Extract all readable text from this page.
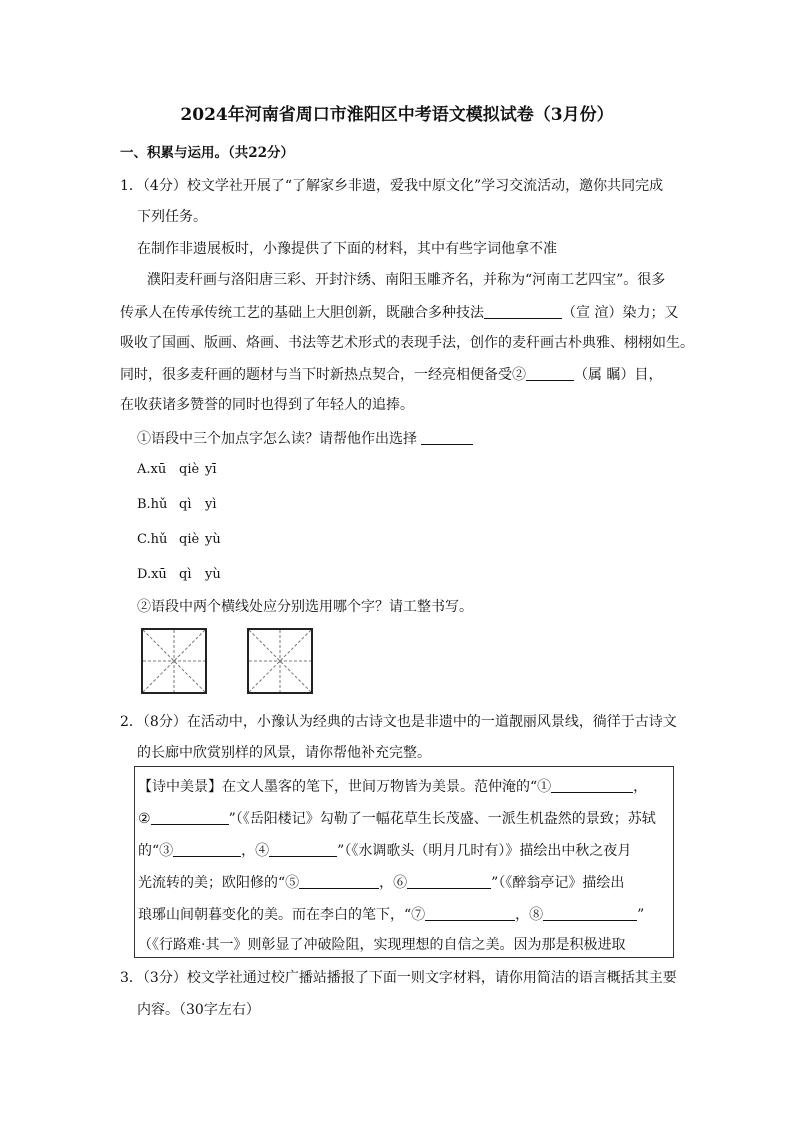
2024年河南省周口市淮阳区中考语文模拟试卷（3月份）
一、积累与运用。（共22分）
1．（4分）校文学社开展了“了解家乡非遗，爱我中原文化”学习交流活动，邀你共同完成
下列任务。
在制作非遗展板时，小豫提供了下面的材料，其中有些字词他拿不准
濮阳麦秆画与洛阳唐三彩、开封汴绣、南阳玉雕齐名，并称为“河南工艺四宝”。很多
传承人在传承传统工艺的基础上大胆创新，既融合多种技法	（宣 渲）染力；又
吸收了国画、版画、烙画、书法等艺术形式的表现手法，创作的麦秆画古朴典雅、栩栩如生。
同时，很多麦秆画的题材与当下时新热点契合，一经亮相便备受②	（属 瞩）目，
在收获诸多赞誉的同时也得到了年轻人的追捧。
①语段中三个加点字怎么读？请帮他作出选择
A.xū qiè yī
B.hǔ qì yì
C.hǔ qiè yù
D.xū qì yù
②语段中两个横线处应分别选用哪个字？请工整书写。
2．（8分）在活动中，小豫认为经典的古诗文也是非遗中的一道靓丽风景线，徜徉于古诗文
的长廊中欣赏别样的风景，请你帮他补充完整。
【诗中美景】在文人墨客的笔下，世间万物皆为美景。范仲淹的“①	，
②	”（《岳阳楼记》勾勒了一幅花草生长茂盛、一派生机盎然的景致；苏轼
的“③	，④	”（《水调歌头（明月几时有）》描绘出中秋之夜月
光流转的美；欧阳修的“⑤	，⑥	”（《醉翁亭记》描绘出
琅琊山间朝暮变化的美。而在李白的笔下，“⑦	，⑧	”
（《行路难·其一》则彰显了冲破险阻，实现理想的自信之美。因为那是积极进取
3．（3分）校文学社通过校广播站播报了下面一则文字材料，请你用简洁的语言概括其主要
内容。（30字左右）
